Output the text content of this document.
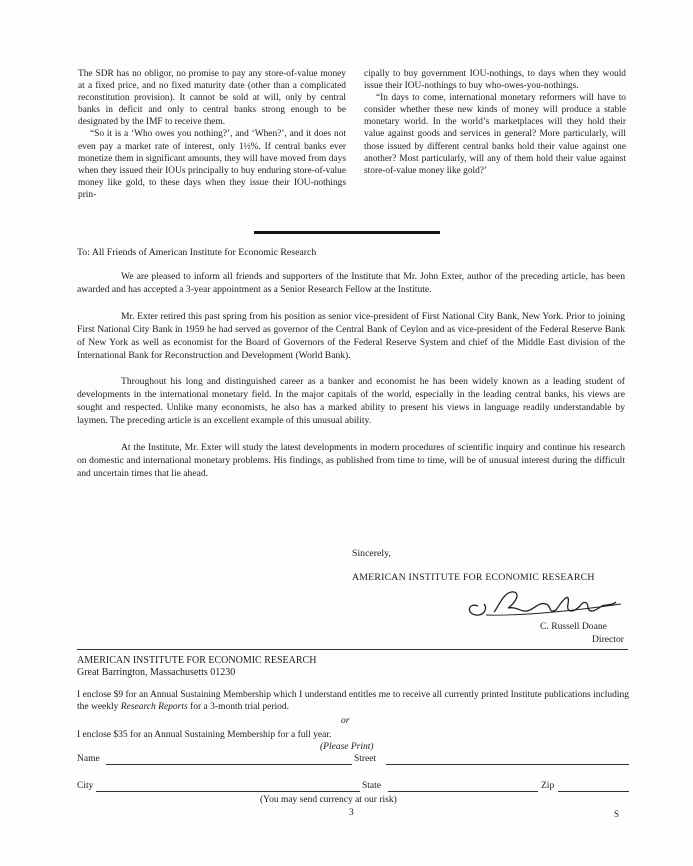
The SDR has no obligor, no promise to pay any store-of-value money at a fixed price, and no fixed maturity date (other than a complicated reconstitution provision). It cannot be sold at will, only by central banks in deficit and only to central banks strong enough to be designated by the IMF to receive them.

“So it is a ‘Who owes you nothing?’, and ‘When?’, and it does not even pay a market rate of interest, only 1½%. If central banks ever monetize them in significant amounts, they will have moved from days when they issued their IOUs principally to buy enduring store-of-value money like gold, to these days when they issue their IOU-nothings prin-

cipally to buy government IOU-nothings, to days when they would issue their IOU-nothings to buy who-owes-you-nothings.

“In days to come, international monetary reformers will have to consider whether these new kinds of money will produce a stable monetary world. In the world’s marketplaces will they hold their value against goods and services in general? More particularly, will those issued by different central banks hold their value against one another? Most particularly, will any of them hold their value against store-of-value money like gold?’

To: All Friends of American Institute for Economic Research

We are pleased to inform all friends and supporters of the Institute that Mr. John Exter, author of the preceding article, has been awarded and has accepted a 3-year appointment as a Senior Research Fellow at the Institute.

Mr. Exter retired this past spring from his position as senior vice-president of First National City Bank, New York. Prior to joining First National City Bank in 1959 he had served as governor of the Central Bank of Ceylon and as vice-president of the Federal Reserve Bank of New York as well as economist for the Board of Governors of the Federal Reserve System and chief of the Middle East division of the International Bank for Reconstruction and Development (World Bank).

Throughout his long and distinguished career as a banker and economist he has been widely known as a leading student of developments in the international monetary field. In the major capitals of the world, especially in the leading central banks, his views are sought and respected. Unlike many economists, he also has a marked ability to present his views in language readily understandable by laymen. The preceding article is an excellent example of this unusual ability.

At the Institute, Mr. Exter will study the latest developments in modern procedures of scientific inquiry and continue his research on domestic and international monetary problems. His findings, as published from time to time, will be of unusual interest during the difficult and uncertain times that lie ahead.

Sincerely,
AMERICAN INSTITUTE FOR ECONOMIC RESEARCH
C. Russell Doane
Director
AMERICAN INSTITUTE FOR ECONOMIC RESEARCH
Great Barrington, Massachusetts 01230
I enclose $9 for an Annual Sustaining Membership which I understand entitles me to receive all currently printed Institute publications including the weekly Research Reports for a 3-month trial period.
or
I enclose $35 for an Annual Sustaining Membership for a full year.
(Please Print)
Name	Street
City	State	Zip
(You may send currency at our risk)
3	S
